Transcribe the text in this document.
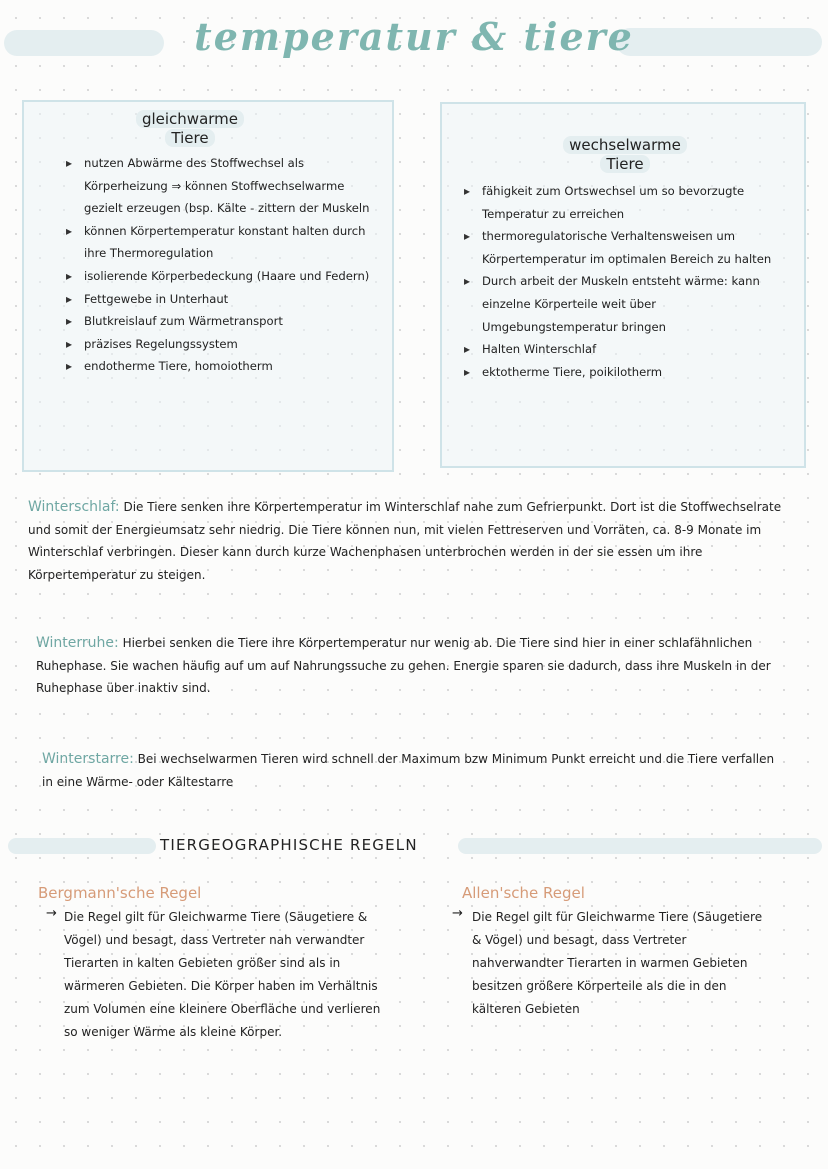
temperatur & tiere
gleichwarme
Tiere
▸ nutzen Abwärme des Stoffwechsel als Körperheizung ⇒ können Stoffwechselwarme gezielt erzeugen (bsp. Kälte - zittern der Muskeln
▸ können Körpertemperatur konstant halten durch ihre Thermoregulation
▸ isolierende Körperbedeckung (Haare und Federn)
▸ Fettgewebe in Unterhaut
▸ Blutkreislauf zum Wärmetransport
▸ präzises Regelungssystem
▸ endotherme Tiere, homoiotherm
wechselwarme
Tiere
▸ fähigkeit zum Ortswechsel um so bevorzugte Temperatur zu erreichen
▸ thermoregulatorische Verhaltensweisen um Körpertemperatur im optimalen Bereich zu halten
▸ Durch arbeit der Muskeln entsteht wärme: kann einzelne Körperteile weit über Umgebungstemperatur bringen
▸ Halten Winterschlaf
▸ ektotherme Tiere, poikilotherm
Winterschlaf : Die Tiere senken ihre Körpertemperatur im Winterschlaf nahe zum Gefrierpunkt. Dort ist die Stoffwechselrate und somit der Energieumsatz sehr niedrig. Die Tiere können nun, mit vielen Fettreserven und Vorräten, ca. 8-9 Monate im Winterschlaf verbringen. Dieser kann durch kurze Wachenphasen unterbrochen werden in der sie essen um ihre Körpertemperatur zu steigen.
Winterruhe : Hierbei senken die Tiere ihre Körpertemperatur nur wenig ab. Die Tiere sind hier in einer schlafähnlichen Ruhephase. Sie wachen häufig auf um auf Nahrungssuche zu gehen. Energie sparen sie dadurch, dass ihre Muskeln in der Ruhephase über inaktiv sind.
Winterstarre : Bei wechselwarmen Tieren wird schnell der Maximum bzw Minimum Punkt erreicht und die Tiere verfallen in eine Wärme- oder Kältestarre
TIERGEOGRAPHISCHE REGELN
Bergmann'sche Regel
→ Die Regel gilt für Gleichwarme Tiere (Säugetiere & Vögel) und besagt, dass Vertreter nah verwandter Tierarten in kalten Gebieten größer sind als in wärmeren Gebieten. Die Körper haben im Verhältnis zum Volumen eine kleinere Oberfläche und verlieren so weniger Wärme als kleine Körper.
Allen'sche Regel
→ Die Regel gilt für Gleichwarme Tiere (Säugetiere & Vögel) und besagt, dass Vertreter nahverwandter Tierarten in warmen Gebieten besitzen größere Körperteile als die in den kälteren Gebieten
